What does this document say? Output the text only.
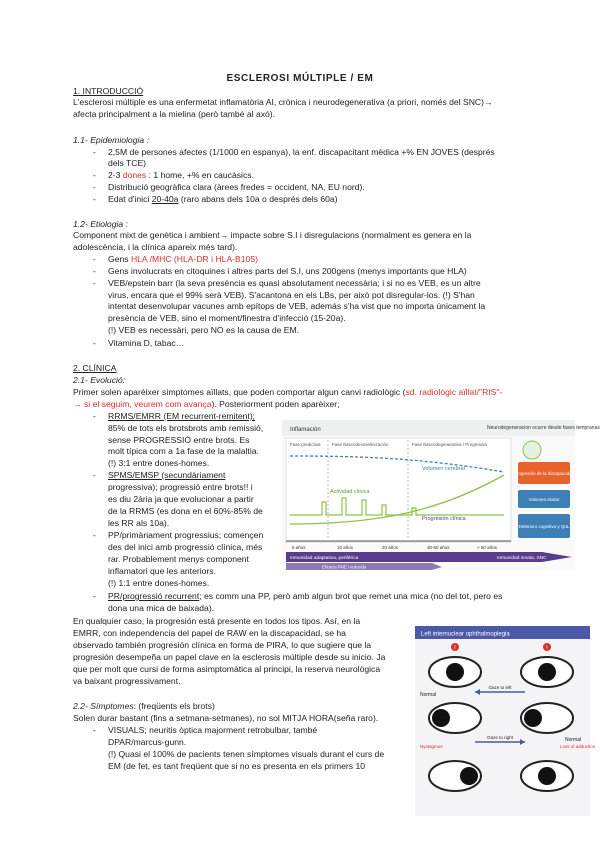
ESCLEROSI MÚLTIPLE / EM
1. INTRODUCCIÓ
L'esclerosi múltiple es una enfermetat inflamatòria AI, crònica i neurodegenerativa (a priori, només del SNC)→
afecta principalment a la mielina (però també al axó).
1.1- Epidemiologia :
- 2,5M de persones afectes (1/1000 en espanya), la enf. discapacitant mèdica +% EN JOVES (després
dels TCE)
- 2-3 dones : 1 home, +% en caucàsics.
- Distribució geogràfica clara (àrees fredes = occident, NA, EU nord).
- Edat d'inici 20-40a (raro abans dels 10a o després dels 60a)
1.2- Etiologia :
Component mixt de genètica i ambient→ impacte sobre S.I i disregulacions (normalment es genera en la
adolescència, i la clínica apareix més tard).
- Gens HLA /MHC (HLA-DR i HLA-B105)
- Gens involucrats en citoquines i altres parts del S.I, uns 200gens (menys importants que HLA)
- VEB/epstein barr (la seva presència es quasi absolutament necessària; i si no es VEB, es un altre
virus, encara que el 99% serà VEB). S'acantona en els LBs, per això pot disregular-los. (!) S'han
intentat desenvolupar vacunes amb epítops de VEB, además s'ha vist que no importa únicament la
presència de VEB, sino el moment/finestra d'infecció (15-20a).
(!) VEB es necessàri, pero NO es la causa de EM.
- Vitamina D, tabac…
2. CLÍNICA
2.1- Evolució:
Primer solen aparèixer símptomes aïllats, que poden comportar algun canvi radiològic (sd. radiològic aïllat/"RIS"-
→ si el seguim, veurem com avança). Posteriorment poden aparèixer;
- RRMS/EMRR (EM recurrent-remitent);
85% de tots els brotsbrots amb remissió,
sense PROGRESSIÓ entre brots. Es
molt típica com a 1a fase de la malaltia.
(!) 3:1 entre dones-homes.
- SPMS/EMSP (secundàriament
progressiva); progressió entre brots!! i
es diu 2ària ja que evolucionar a partir
de la RRMS (es dona en el 60%-85% de
les RR als 10a).
- PP/primàriament progressius; començen
des del inici amb progressió clínica, més
rar. Probablement menys component
inflamatori que les anteriors.
(!) 1:1 entre dones-homes.
- PR/progressió recurrent; es comm una PP, però amb algun brot que remet una mica (no del tot, pero es
dona una mica de baixada).
En qualquier caso, la progresión está presente en todos los tipos. Así, en la
EMRR, con independencia del papel de RAW en la discapacidad, se ha
observado también progresión clínica en forma de PIRA, lo que sugiere que la
progresión desempeña un papel clave en la esclerosis múltiple desde su inicio. Ja
que per molt que cursi de forma asimptomàtica al principi, la reserva neurològica
va baixant progressivament.
2.2- Símptomes: (freqüents els brots)
Solen durar bastant (fins a setmana-setmanes), no sol MITJA HORA(seña raro).
- VISUALS; neuritis òptica majorment retrobulbar, també
DPAR/marcus-gunn.
(!) Quasi el 100% de pacients tenen símptomes visuals durant el curs de
EM (de fet, es tant freqüent que si no es presenta en els primers 10
Inflamación	Neurodegeneracion ocurre desde fases tempranas
Fase predictiva	Fase Neurodesmielinización	Fase Neurodegenerativa / Progresiva
Volumen cerebral
Actividad clínica
Progresión clínica
Progresión de la discapacidad
Volumen tisular
Deterioro cognitivo y QoL
5 años	10 años	20 años	30-50 años	> 50 años
Inmunidad adaptativa, periférica	Inmunidad innata, SNC
Eficacia FME / reducida
Left internuclear ophthalmoplegia
!	!
Normal
Gaze to left
Normal
Gaze to right
Nystagmus	Loss of adduction
